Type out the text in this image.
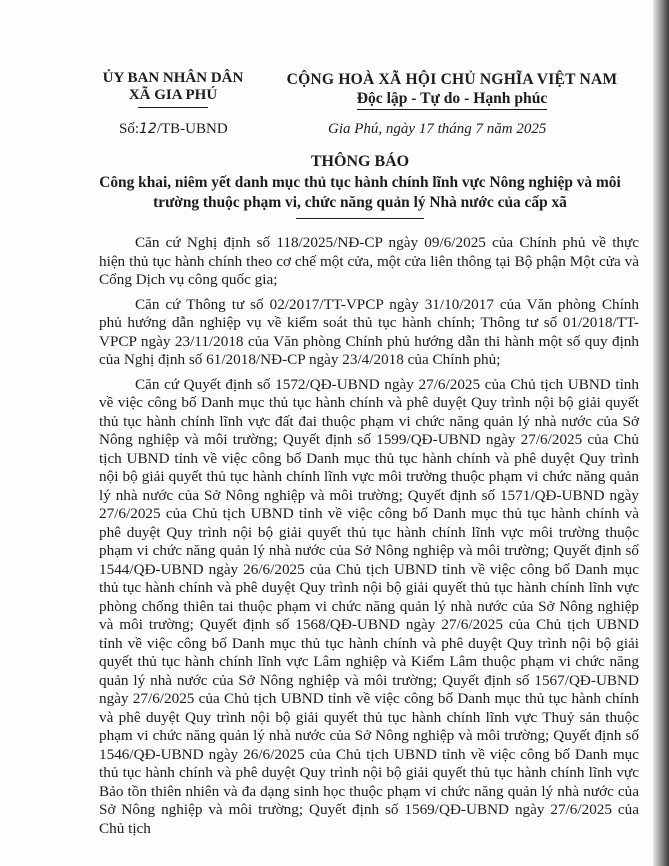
ỦY BAN NHÂN DÂN
XÃ GIA PHÚ
CỘNG HOÀ XÃ HỘI CHỦ NGHĨA VIỆT NAM
Độc lập - Tự do - Hạnh phúc
Số:12/TB-UBND	Gia Phú, ngày 17 tháng 7 năm 2025
THÔNG BÁO
Công khai, niêm yết danh mục thủ tục hành chính lĩnh vực Nông nghiệp và môi trường thuộc phạm vi, chức năng quản lý Nhà nước của cấp xã

Căn cứ Nghị định số 118/2025/NĐ-CP ngày 09/6/2025 của Chính phủ về thực hiện thủ tục hành chính theo cơ chế một cửa, một cửa liên thông tại Bộ phận Một cửa và Cổng Dịch vụ công quốc gia;

Căn cứ Thông tư số 02/2017/TT-VPCP ngày 31/10/2017 của Văn phòng Chính phủ hướng dẫn nghiệp vụ về kiểm soát thủ tục hành chính; Thông tư số 01/2018/TT-VPCP ngày 23/11/2018 của Văn phòng Chính phủ hướng dẫn thi hành một số quy định của Nghị định số 61/2018/NĐ-CP ngày 23/4/2018 của Chính phủ;

Căn cứ Quyết định số 1572/QĐ-UBND ngày 27/6/2025 của Chủ tịch UBND tỉnh về việc công bố Danh mục thủ tục hành chính và phê duyệt Quy trình nội bộ giải quyết thủ tục hành chính lĩnh vực đất đai thuộc phạm vi chức năng quản lý nhà nước của Sở Nông nghiệp và môi trường; Quyết định số 1599/QĐ-UBND ngày 27/6/2025 của Chủ tịch UBND tỉnh về việc công bố Danh mục thủ tục hành chính và phê duyệt Quy trình nội bộ giải quyết thủ tục hành chính lĩnh vực môi trường thuộc phạm vi chức năng quản lý nhà nước của Sở Nông nghiệp và môi trường; Quyết định số 1571/QĐ-UBND ngày 27/6/2025 của Chủ tịch UBND tỉnh về việc công bố Danh mục thủ tục hành chính và phê duyệt Quy trình nội bộ giải quyết thủ tục hành chính lĩnh vực môi trường thuộc phạm vi chức năng quản lý nhà nước của Sở Nông nghiệp và môi trường; Quyết định số 1544/QĐ-UBND ngày 26/6/2025 của Chủ tịch UBND tỉnh về việc công bố Danh mục thủ tục hành chính và phê duyệt Quy trình nội bộ giải quyết thủ tục hành chính lĩnh vực phòng chống thiên tai thuộc phạm vi chức năng quản lý nhà nước của Sở Nông nghiệp và môi trường; Quyết định số 1568/QĐ-UBND ngày 27/6/2025 của Chủ tịch UBND tỉnh về việc công bố Danh mục thủ tục hành chính và phê duyệt Quy trình nội bộ giải quyết thủ tục hành chính lĩnh vực Lâm nghiệp và Kiểm Lâm thuộc phạm vi chức năng quản lý nhà nước của Sở Nông nghiệp và môi trường; Quyết định số 1567/QĐ-UBND ngày 27/6/2025 của Chủ tịch UBND tỉnh về việc công bố Danh mục thủ tục hành chính và phê duyệt Quy trình nội bộ giải quyết thủ tục hành chính lĩnh vực Thuỷ sản thuộc phạm vi chức năng quản lý nhà nước của Sở Nông nghiệp và môi trường; Quyết định số 1546/QĐ-UBND ngày 26/6/2025 của Chủ tịch UBND tỉnh về việc công bố Danh mục thủ tục hành chính và phê duyệt Quy trình nội bộ giải quyết thủ tục hành chính lĩnh vực Bảo tồn thiên nhiên và đa dạng sinh học thuộc phạm vi chức năng quản lý nhà nước của Sở Nông nghiệp và môi trường; Quyết định số 1569/QĐ-UBND ngày 27/6/2025 của Chủ tịch
